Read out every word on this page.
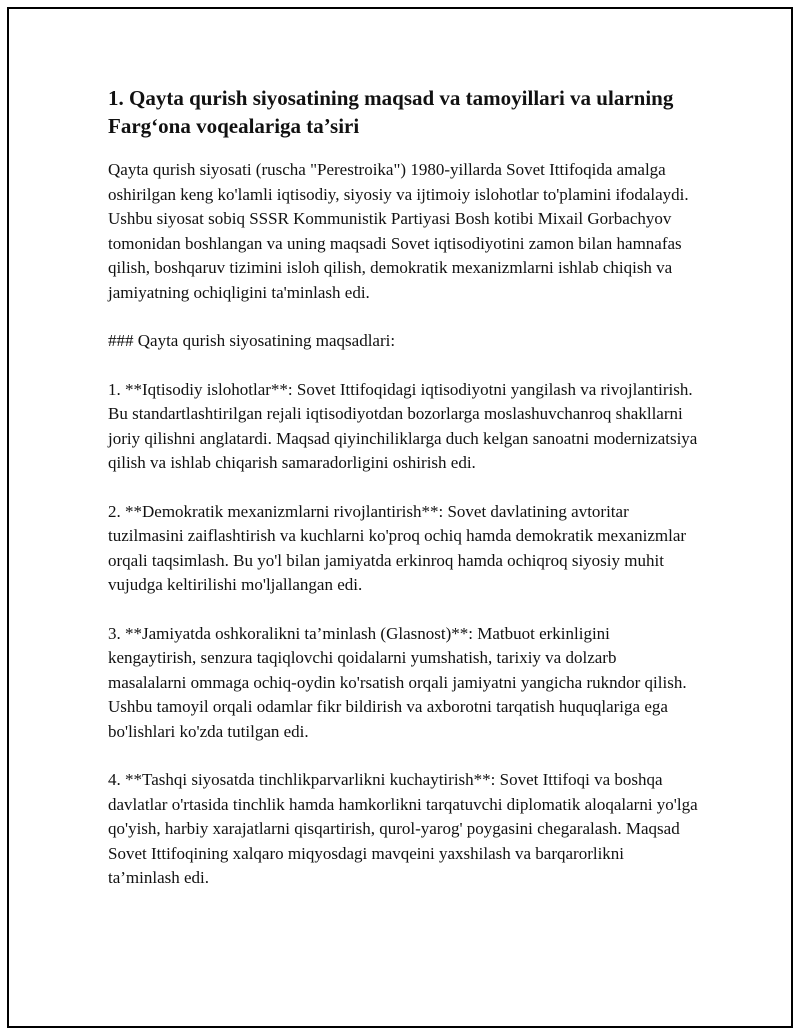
1. Qayta qurish siyosatining maqsad va tamoyillari va ularning Farg‘ona voqealariga ta’siri

Qayta qurish siyosati (ruscha "Perestroika") 1980-yillarda Sovet Ittifoqida amalga oshirilgan keng ko'lamli iqtisodiy, siyosiy va ijtimoiy islohotlar to'plamini ifodalaydi. Ushbu siyosat sobiq SSSR Kommunistik Partiyasi Bosh kotibi Mixail Gorbachyov tomonidan boshlangan va uning maqsadi Sovet iqtisodiyotini zamon bilan hamnafas qilish, boshqaruv tizimini isloh qilish, demokratik mexanizmlarni ishlab chiqish va jamiyatning ochiqligini ta'minlash edi.

### Qayta qurish siyosatining maqsadlari:

1. **Iqtisodiy islohotlar**: Sovet Ittifoqidagi iqtisodiyotni yangilash va rivojlantirish. Bu standartlashtirilgan rejali iqtisodiyotdan bozorlarga moslashuvchanroq shakllarni joriy qilishni anglatardi. Maqsad qiyinchiliklarga duch kelgan sanoatni modernizatsiya qilish va ishlab chiqarish samaradorligini oshirish edi.

2. **Demokratik mexanizmlarni rivojlantirish**: Sovet davlatining avtoritar tuzilmasini zaiflashtirish va kuchlarni ko'proq ochiq hamda demokratik mexanizmlar orqali taqsimlash. Bu yo'l bilan jamiyatda erkinroq hamda ochiqroq siyosiy muhit vujudga keltirilishi mo'ljallangan edi.

3. **Jamiyatda oshkoralikni ta’minlash (Glasnost)**: Matbuot erkinligini kengaytirish, senzura taqiqlovchi qoidalarni yumshatish, tarixiy va dolzarb masalalarni ommaga ochiq-oydin ko'rsatish orqali jamiyatni yangicha rukndor qilish. Ushbu tamoyil orqali odamlar fikr bildirish va axborotni tarqatish huquqlariga ega bo'lishlari ko'zda tutilgan edi.

4. **Tashqi siyosatda tinchlikparvarlikni kuchaytirish**: Sovet Ittifoqi va boshqa davlatlar o'rtasida tinchlik hamda hamkorlikni tarqatuvchi diplomatik aloqalarni yo'lga qo'yish, harbiy xarajatlarni qisqartirish, qurol-yarog' poygasini chegaralash. Maqsad Sovet Ittifoqining xalqaro miqyosdagi mavqeini yaxshilash va barqarorlikni ta’minlash edi.
